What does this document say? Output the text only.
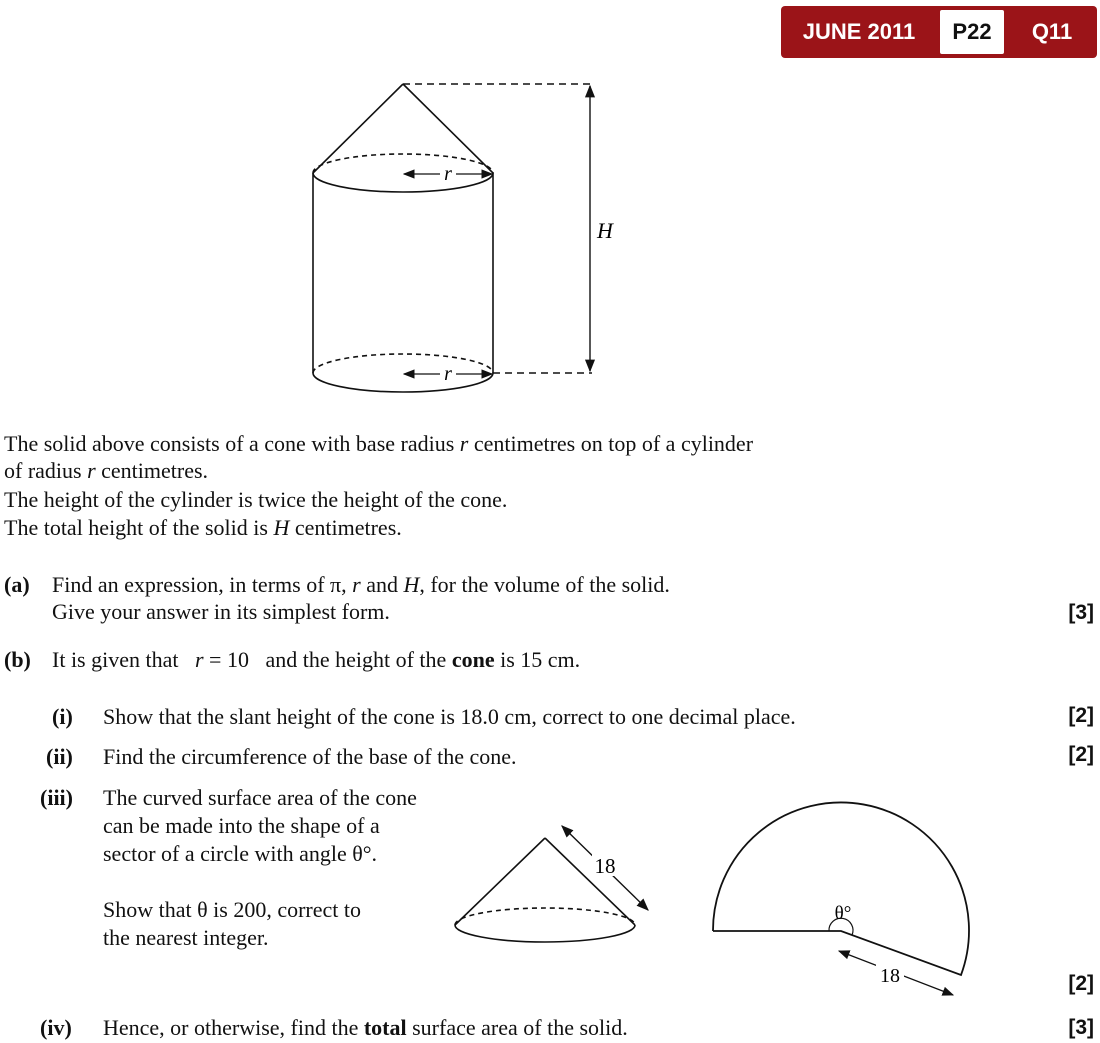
JUNE 2011	P22	Q11
r
r
H
The solid above consists of a cone with base radius r centimetres on top of a cylinder
of radius r centimetres.
The height of the cylinder is twice the height of the cone.
The total height of the solid is H centimetres.
(a) Find an expression, in terms of π, r and H, for the volume of the solid.
Give your answer in its simplest form.	[3]
(b) It is given that   r = 10 and the height of the cone is 15 cm.
(i) Show that the slant height of the cone is 18.0 cm, correct to one decimal place.	[2]
(ii) Find the circumference of the base of the cone.	[2]
(iii) The curved surface area of the cone
can be made into the shape of a
sector of a circle with angle θ°.
Show that θ is 200, correct to
the nearest integer.
[2]
18
θ°
18
(iv) Hence, or otherwise, find the total surface area of the solid.	[3]
